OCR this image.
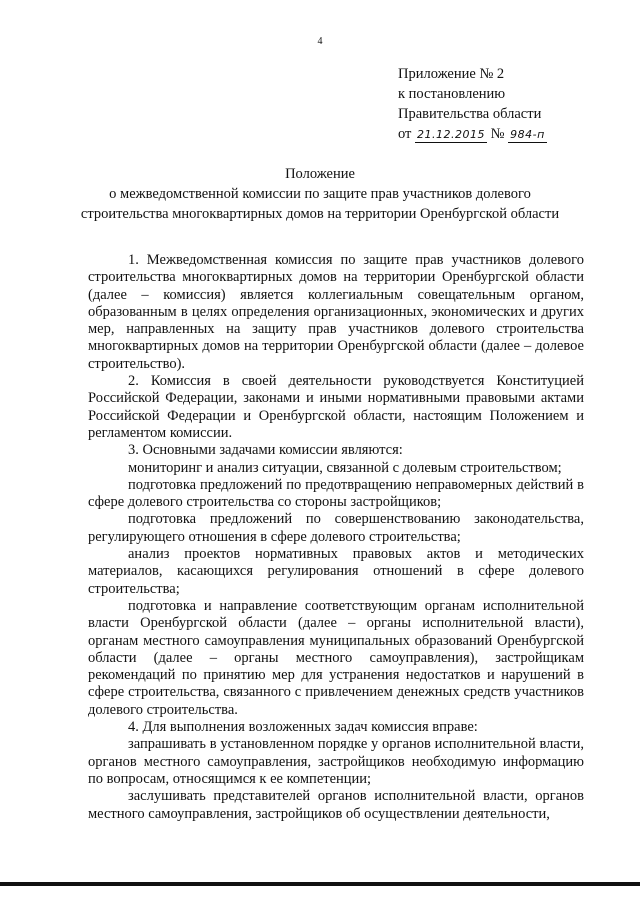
4
Приложение № 2
к постановлению
Правительства области
от 21.12.2015 № 984-п
Положение
о межведомственной комиссии по защите прав участников долевого
строительства многоквартирных домов на территории Оренбургской области

1. Межведомственная комиссия по защите прав участников долевого строительства многоквартирных домов на территории Оренбургской области (далее – комиссия) является коллегиальным совещательным органом, образованным в целях определения организационных, экономических и других мер, направленных на защиту прав участников долевого строительства многоквартирных домов на территории Оренбургской области (далее – долевое строительство).

2. Комиссия в своей деятельности руководствуется Конституцией Российской Федерации, законами и иными нормативными правовыми актами Российской Федерации и Оренбургской области, настоящим Положением и регламентом комиссии.

3. Основными задачами комиссии являются:

мониторинг и анализ ситуации, связанной с долевым строительством;

подготовка предложений по предотвращению неправомерных действий в сфере долевого строительства со стороны застройщиков;

подготовка предложений по совершенствованию законодательства, регулирующего отношения в сфере долевого строительства;

анализ проектов нормативных правовых актов и методических материалов, касающихся регулирования отношений в сфере долевого строительства;

подготовка и направление соответствующим органам исполнительной власти Оренбургской области (далее – органы исполнительной власти), органам местного самоуправления муниципальных образований Оренбургской области (далее – органы местного самоуправления), застройщикам рекомендаций по принятию мер для устранения недостатков и нарушений в сфере строительства, связанного с привлечением денежных средств участников долевого строительства.

4. Для выполнения возложенных задач комиссия вправе:

запрашивать в установленном порядке у органов исполнительной власти, органов местного самоуправления, застройщиков необходимую информацию по вопросам, относящимся к ее компетенции;

заслушивать представителей органов исполнительной власти, органов местного самоуправления, застройщиков об осуществлении деятельности,
